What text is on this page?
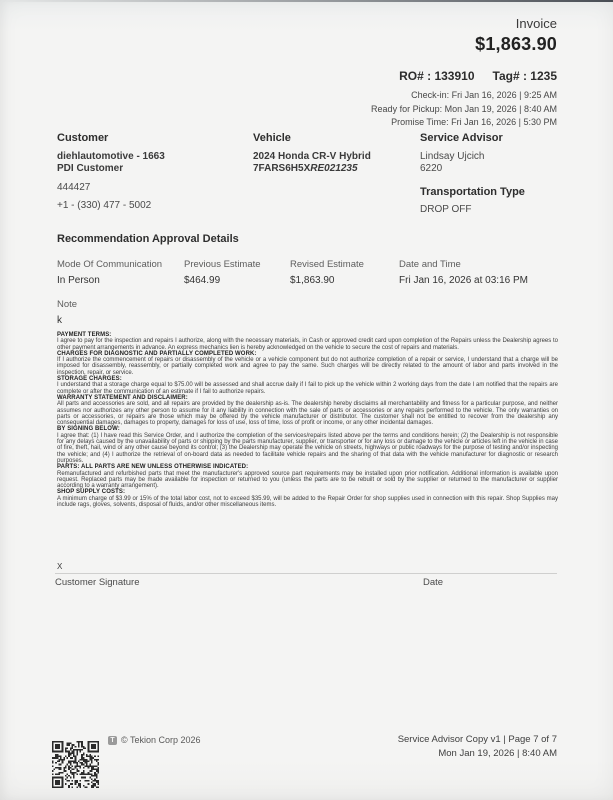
Invoice
$1,863.90
RO# : 133910 Tag# : 1235
Check-in: Fri Jan 16, 2026 | 9:25 AM
Ready for Pickup: Mon Jan 19, 2026 | 8:40 AM
Promise Time: Fri Jan 16, 2026 | 5:30 PM
Customer
diehlautomotive - 1663
PDI Customer
444427
+1 - (330) 477 - 5002
Vehicle
2024 Honda CR-V Hybrid
7FARS6H5XRE021235
Service Advisor
Lindsay Ujcich
6220
Transportation Type
DROP OFF
Recommendation Approval Details
Mode Of Communication
In Person
Previous Estimate
$464.99
Revised Estimate
$1,863.90
Date and Time
Fri Jan 16, 2026 at 03:16 PM
Note
k
PAYMENT TERMS:
I agree to pay for the inspection and repairs I authorize, along with the necessary materials, in Cash or approved credit card upon completion of the Repairs unless the Dealership agrees to other payment arrangements in advance. An express mechanics lien is hereby acknowledged on the vehicle to secure the cost of repairs and materials.
CHARGES FOR DIAGNOSTIC AND PARTIALLY COMPLETED WORK:
If I authorize the commencement of repairs or disassembly of the vehicle or a vehicle component but do not authorize completion of a repair or service, I understand that a charge will be imposed for disassembly, reassembly, or partially completed work and agree to pay the same. Such charges will be directly related to the amount of labor and parts involved in the inspection, repair, or service.
STORAGE CHARGES:
I understand that a storage charge equal to $75.00 will be assessed and shall accrue daily if I fail to pick up the vehicle within 2 working days from the date I am notified that the repairs are complete or after the communication of an estimate if I fail to authorize repairs.
WARRANTY STATEMENT AND DISCLAIMER:
All parts and accessories are sold, and all repairs are provided by the dealership as-is. The dealership hereby disclaims all merchantability and fitness for a particular purpose, and neither assumes nor authorizes any other person to assume for it any liability in connection with the sale of parts or accessories or any repairs performed to the vehicle. The only warranties on parts or accessories, or repairs are those which may be offered by the vehicle manufacturer or distributor. The customer shall not be entitled to recover from the dealership any consequential damages, damages to property, damages for loss of use, loss of time, loss of profit or income, or any other incidental damages.
BY SIGNING BELOW:
I agree that: (1) I have read this Service Order, and I authorize the completion of the services/repairs listed above per the terms and conditions herein; (2) the Dealership is not responsible for any delays caused by the unavailability of parts or shipping by the parts manufacturer, supplier, or transporter or for any loss or damage to the vehicle or articles left in the vehicle in case of fire, theft, hail, wind or any other cause beyond its control; (3) the Dealership may operate the vehicle on streets, highways or public roadways for the purpose of testing and/or inspecting the vehicle; and (4) I authorize the retrieval of on-board data as needed to facilitate vehicle repairs and the sharing of that data with the vehicle manufacturer for diagnostic or research purposes.
PARTS: ALL PARTS ARE NEW UNLESS OTHERWISE INDICATED:
Remanufactured and refurbished parts that meet the manufacturer's approved source part requirements may be installed upon prior notification. Additional information is available upon request. Replaced parts may be made available for inspection or returned to you (unless the parts are to be rebuilt or sold by the supplier or returned to the manufacturer or supplier according to a warranty arrangement).
SHOP SUPPLY COSTS:
A minimum charge of $3.99 or 15% of the total labor cost, not to exceed $35.99, will be added to the Repair Order for shop supplies used in connection with this repair. Shop Supplies may include rags, gloves, solvents, disposal of fluids, and/or other miscellaneous items.
X
Customer Signature	Date
T © Tekion Corp 2026	Service Advisor Copy v1 | Page 7 of 7
Mon Jan 19, 2026 | 8:40 AM
